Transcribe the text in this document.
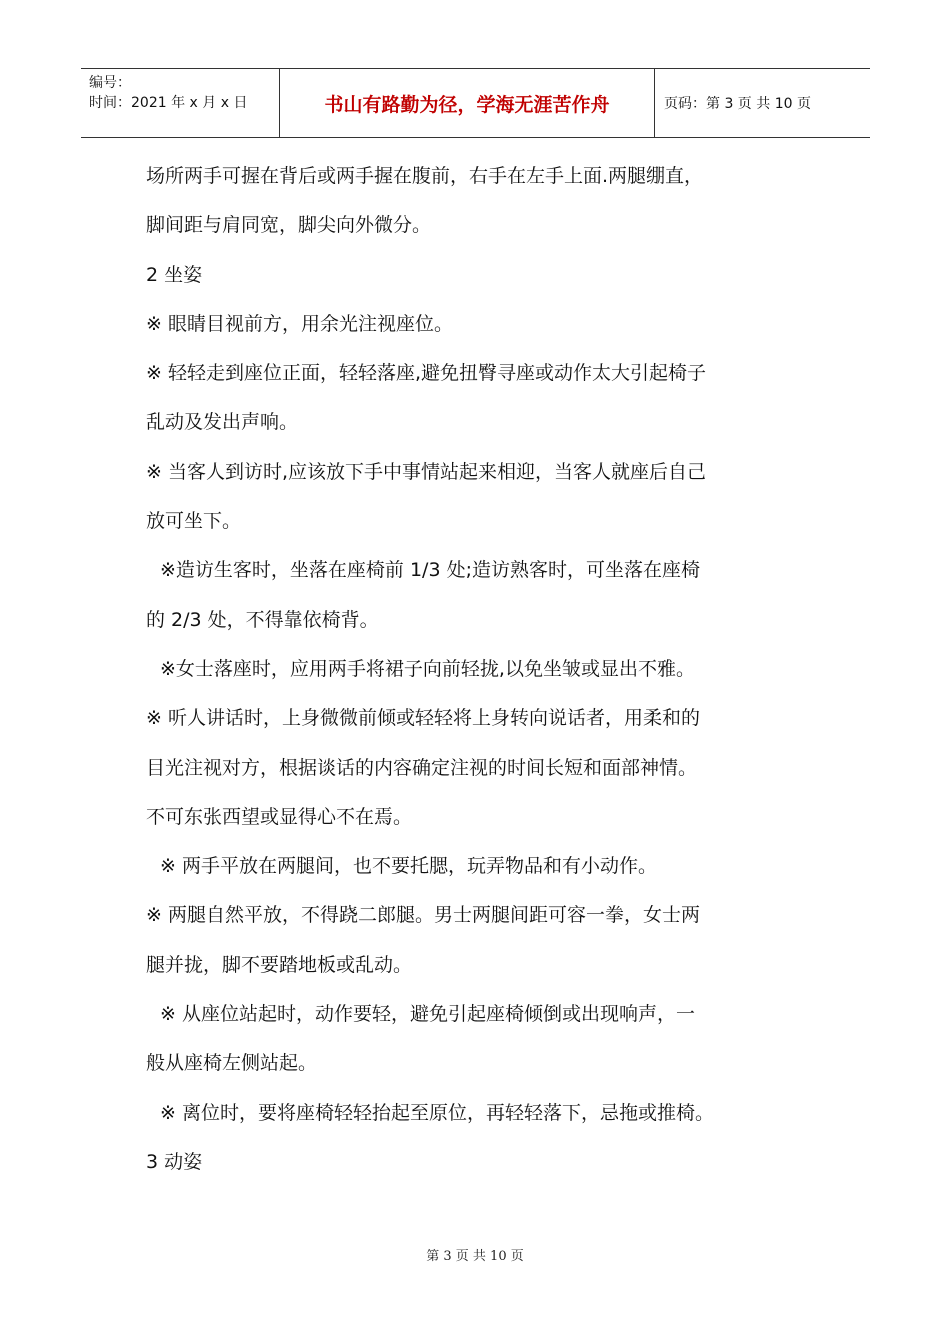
编号：
时间：2021 年 x 月 x 日	书山有路勤为径，学海无涯苦作舟	页码：第 3 页 共 10 页
场所两手可握在背后或两手握在腹前，右手在左手上面.两腿绷直，
脚间距与肩同宽，脚尖向外微分。
2 坐姿
※ 眼睛目视前方，用余光注视座位。
※ 轻轻走到座位正面，轻轻落座,避免扭臀寻座或动作太大引起椅子
乱动及发出声响。
※ 当客人到访时,应该放下手中事情站起来相迎，当客人就座后自己
放可坐下。
※造访生客时，坐落在座椅前 1/3 处;造访熟客时，可坐落在座椅
的 2/3 处，不得靠依椅背。
※女士落座时，应用两手将裙子向前轻拢,以免坐皱或显出不雅。
※ 听人讲话时，上身微微前倾或轻轻将上身转向说话者，用柔和的
目光注视对方，根据谈话的内容确定注视的时间长短和面部神情。
不可东张西望或显得心不在焉。
※ 两手平放在两腿间，也不要托腮，玩弄物品和有小动作。
※ 两腿自然平放，不得跷二郎腿。男士两腿间距可容一拳，女士两
腿并拢，脚不要踏地板或乱动。
※ 从座位站起时，动作要轻，避免引起座椅倾倒或出现响声，一
般从座椅左侧站起。
※ 离位时，要将座椅轻轻抬起至原位，再轻轻落下，忌拖或推椅。
3 动姿
第 3 页 共 10 页
